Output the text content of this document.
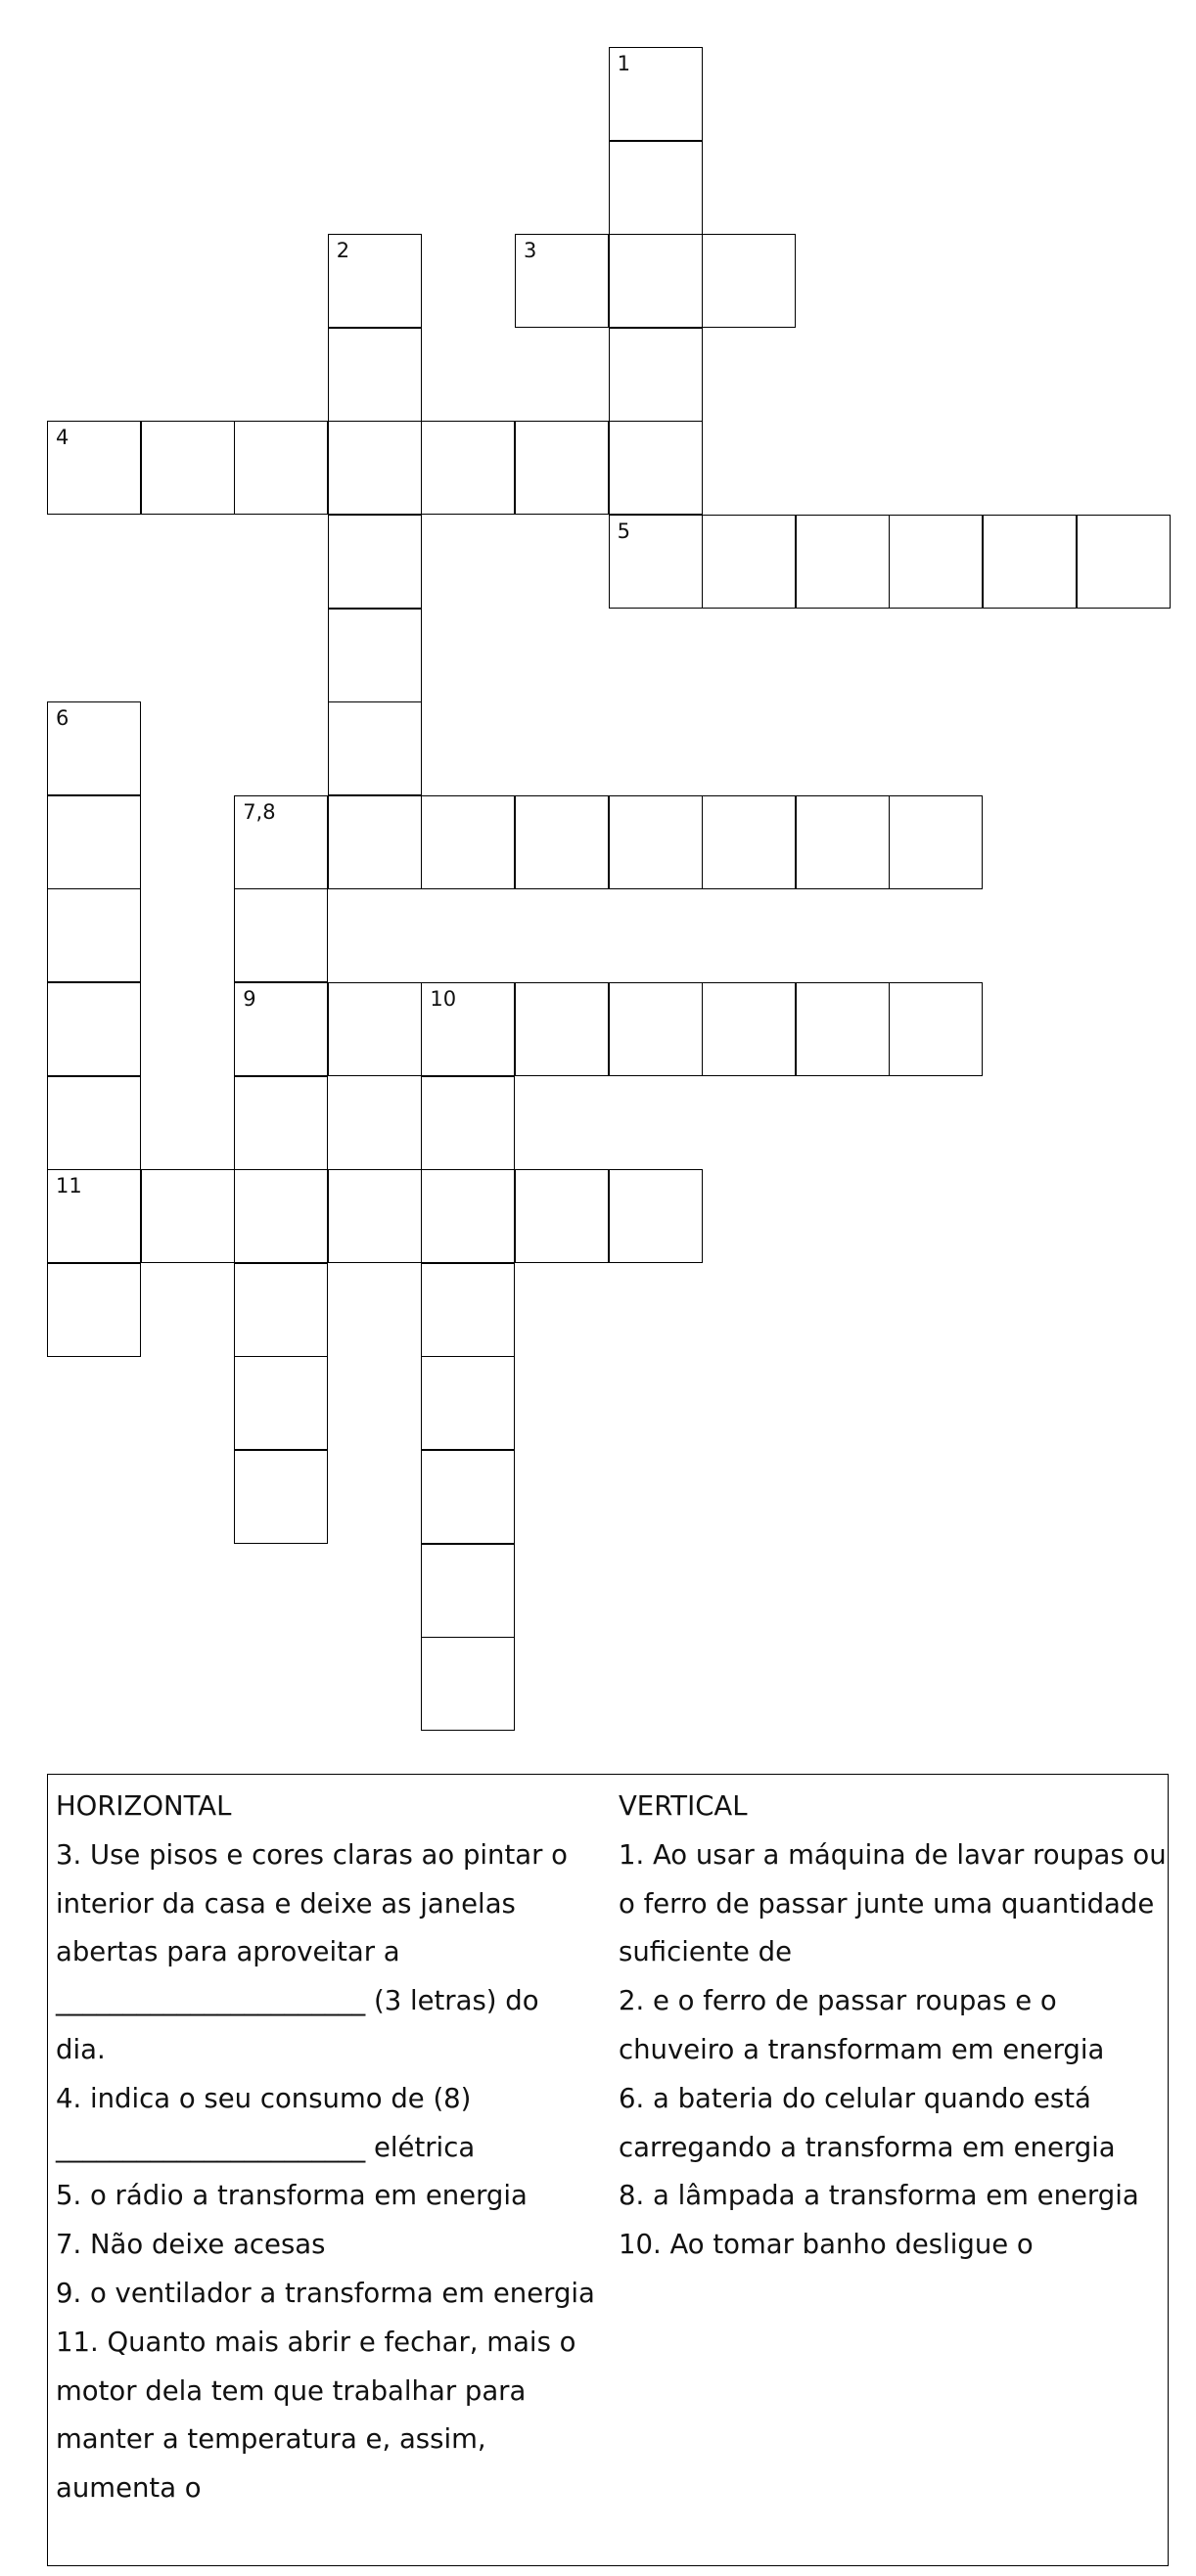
1
2	3
4
5
6
7,8
9	10
11
HORIZONTAL
3. Use pisos e cores claras ao pintar o
interior da casa e deixe as janelas
abertas para aproveitar a
_______________________ (3 letras) do
dia.
4. indica o seu consumo de (8)
_______________________ elétrica
5. o rádio a transforma em energia
7. Não deixe acesas
9. o ventilador a transforma em energia
11. Quanto mais abrir e fechar, mais o
motor dela tem que trabalhar para
manter a temperatura e, assim,
aumenta o
VERTICAL
1. Ao usar a máquina de lavar roupas ou
o ferro de passar junte uma quantidade
suficiente de
2. e o ferro de passar roupas e o
chuveiro a transformam em energia
6. a bateria do celular quando está
carregando a transforma em energia
8. a lâmpada a transforma em energia
10. Ao tomar banho desligue o
